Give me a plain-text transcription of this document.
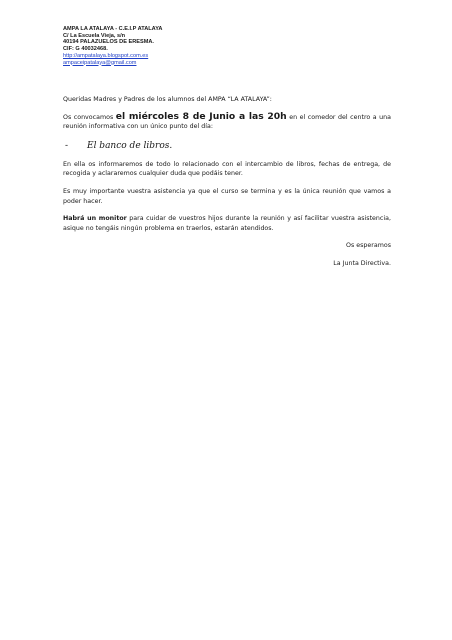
AMPA LA ATALAYA - C.E.I.P ATALAYA
C/ La Escuela Vieja, s/n
40194 PALAZUELOS DE ERESMA.
CIF: G 40032468.
http://ampatalaya.blogspot.com.es
ampaceipatalaya@gmail.com

Queridas Madres y Padres de los alumnos del AMPA “LA ATALAYA”:

Os convocamos el miércoles 8 de Junio a las 20h en el comedor del centro a una reunión informativa con un único punto del día:

- El banco de libros.

En ella os informaremos de todo lo relacionado con el intercambio de libros, fechas de entrega, de recogida y aclararemos cualquier duda que podáis tener.

Es muy importante vuestra asistencia ya que el curso se termina y es la única reunión que vamos a poder hacer.

Habrá un monitor para cuidar de vuestros hijos durante la reunión y así facilitar vuestra asistencia, asique no tengáis ningún problema en traerlos, estarán atendidos.

Os esperamos

La Junta Directiva.
